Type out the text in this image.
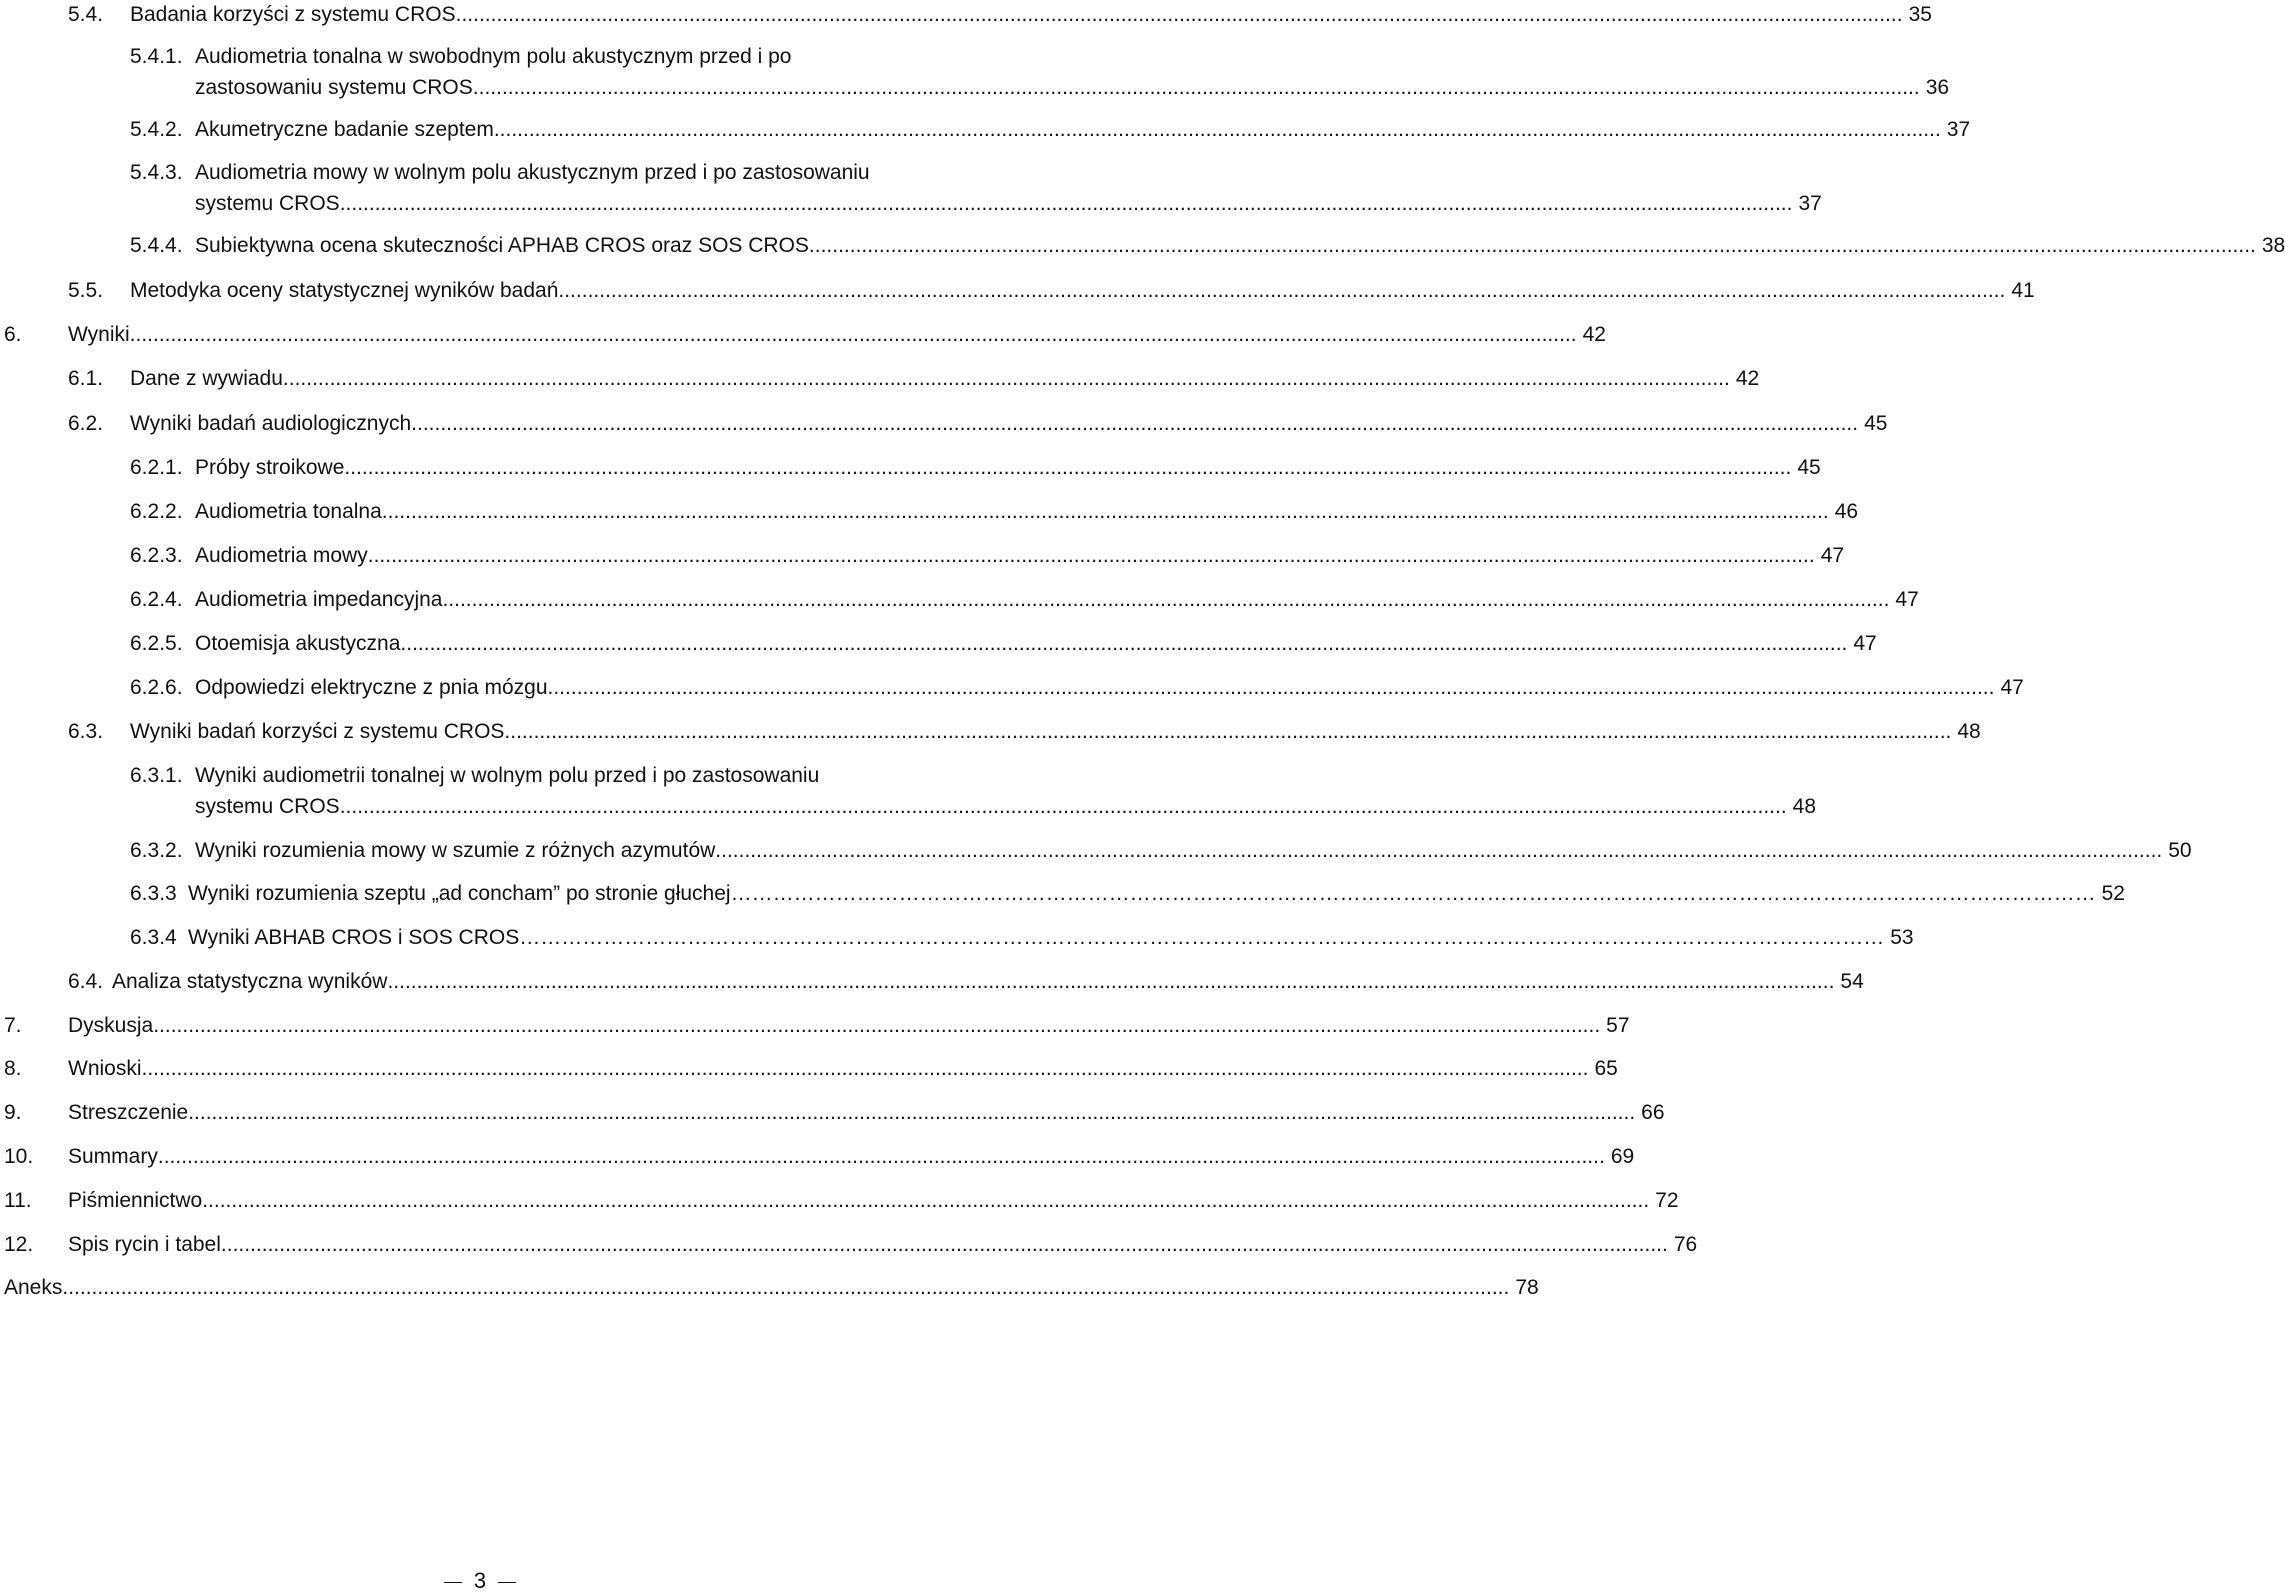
5.4.	Badania korzyści z systemu CROS .....	35
5.4.1. Audiometria tonalna w swobodnym polu akustycznym przed i po
zastosowaniu systemu CROS .....	36
5.4.2. Akumetryczne badanie szeptem .....	37
5.4.3. Audiometria mowy w wolnym polu akustycznym przed i po zastosowaniu
systemu CROS. .....	37
5.4.4. Subiektywna ocena skuteczności APHAB CROS oraz SOS CROS .....	38
5.5.	Metodyka oceny statystycznej wyników badań .....	41
6.	Wyniki .....	42
6.1.	Dane z wywiadu .....	42
6.2.	Wyniki badań audiologicznych .....	45
6.2.1. Próby stroikowe .....	45
6.2.2. Audiometria tonalna .....	46
6.2.3. Audiometria mowy .....	47
6.2.4. Audiometria impedancyjna .....	47
6.2.5. Otoemisja akustyczna .....	47
6.2.6. Odpowiedzi elektryczne z pnia mózgu .....	47
6.3.	Wyniki badań korzyści z systemu CROS .....	48
6.3.1. Wyniki audiometrii tonalnej w wolnym polu przed i po zastosowaniu
systemu CROS .....	48
6.3.2. Wyniki rozumienia mowy w szumie z różnych azymutów .....	50
6.3.3 Wyniki rozumienia szeptu „ad concham” po stronie głuchej ……………………………………………………………………………………………………………………………………………………………………………	52
6.3.4 Wyniki ABHAB CROS i SOS CROS ……………………………………………………………………………………………………………………………………………………………………………	53
6.4. Analiza statystyczna wyników .....	54
7.	Dyskusja .....	57
8.	Wnioski .....	65
9.	Streszczenie .....	66
10.	Summary .....	69
11.	Piśmiennictwo .....	72
12.	Spis rycin i tabel .....	76
Aneks .....	78
3
